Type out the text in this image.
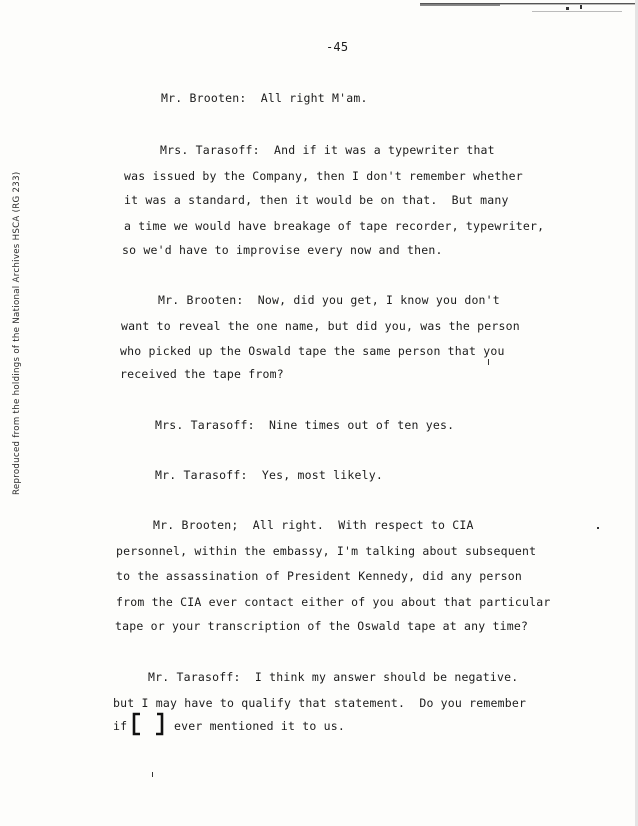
-45
Reproduced from the holdings of the National Archives HSCA (RG 233)
Mr. Brooten:  All right M'am.
Mrs. Tarasoff:  And if it was a typewriter that
was issued by the Company, then I don't remember whether
it was a standard, then it would be on that.  But many
a time we would have breakage of tape recorder, typewriter,
so we'd have to improvise every now and then.
Mr. Brooten:  Now, did you get, I know you don't
want to reveal the one name, but did you, was the person
who picked up the Oswald tape the same person that you
received the tape from?
Mrs. Tarasoff:  Nine times out of ten yes.
Mr. Tarasoff:  Yes, most likely.
Mr. Brooten;  All right.  With respect to CIA
personnel, within the embassy, I'm talking about subsequent
to the assassination of President Kennedy, did any person
from the CIA ever contact either of you about that particular
tape or your transcription of the Oswald tape at any time?
Mr. Tarasoff:  I think my answer should be negative.
but I may have to qualify that statement.  Do you remember
if	ever mentioned it to us.
